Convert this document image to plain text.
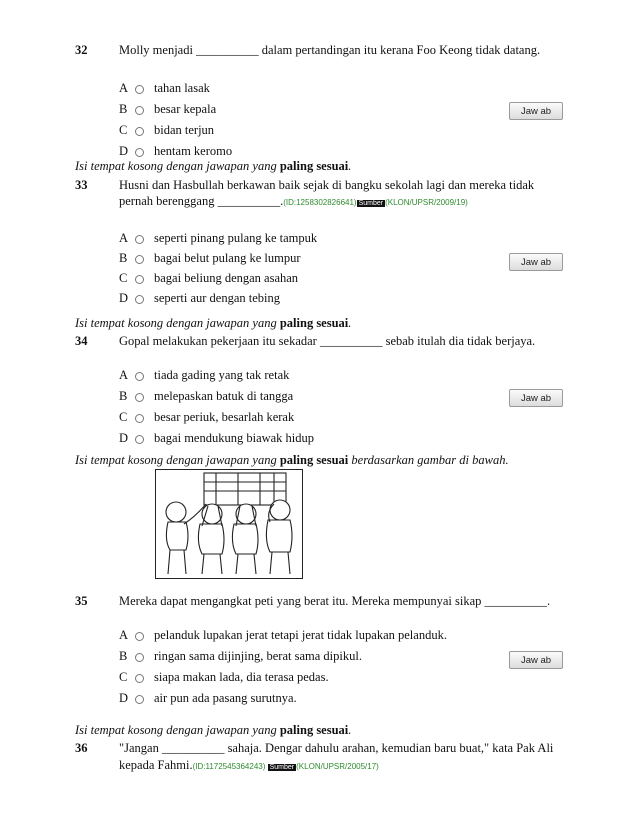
32	Molly menjadi __________ dalam pertandingan itu kerana Foo Keong tidak datang.
A tahan lasak
B besar kepala
C bidan terjun
D hentam keromo
Jaw ab
Isi tempat kosong dengan jawapan yang paling sesuai.
33	Husni dan Hasbullah berkawan baik sejak di bangku sekolah lagi dan mereka tidak
pernah berenggang __________.(ID:1258302826641) Sumber (KLON/UPSR/2009/19)
A seperti pinang pulang ke tampuk
B bagai belut pulang ke lumpur
C bagai beliung dengan asahan
D seperti aur dengan tebing
Jaw ab
Isi tempat kosong dengan jawapan yang paling sesuai.
34	Gopal melakukan pekerjaan itu sekadar __________ sebab itulah dia tidak berjaya.
A tiada gading yang tak retak
B melepaskan batuk di tangga
C besar periuk, besarlah kerak
D bagai mendukung biawak hidup
Jaw ab
Isi tempat kosong dengan jawapan yang paling sesuai berdasarkan gambar di bawah.
35	Mereka dapat mengangkat peti yang berat itu. Mereka mempunyai sikap __________.
A pelanduk lupakan jerat tetapi jerat tidak lupakan pelanduk.
B ringan sama dijinjing, berat sama dipikul.
C siapa makan lada, dia terasa pedas.
D air pun ada pasang surutnya.
Jaw ab
Isi tempat kosong dengan jawapan yang paling sesuai.
36	"Jangan __________ sahaja. Dengar dahulu arahan, kemudian baru buat," kata Pak Ali
kepada Fahmi.(ID:1172545364243) Sumber (KLON/UPSR/2005/17)
